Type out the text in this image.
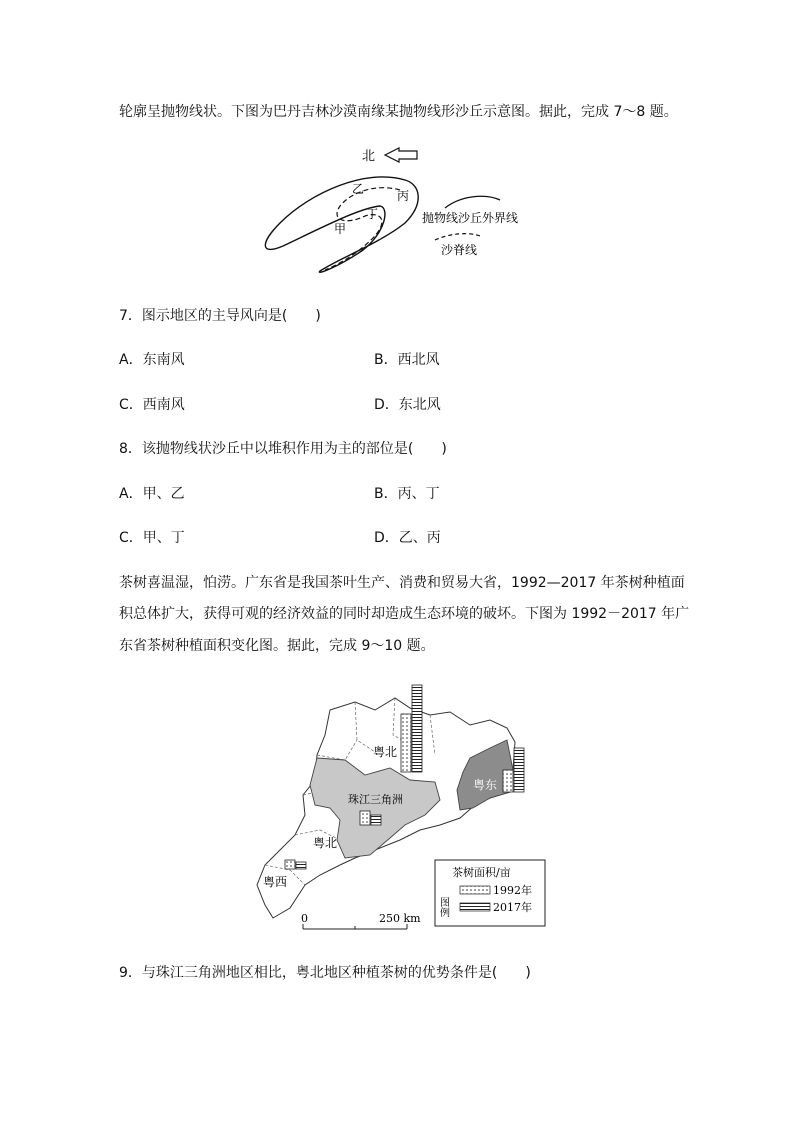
轮廓呈抛物线状。下图为巴丹吉林沙漠南缘某抛物线形沙丘示意图。据此，完成 7～8 题。
北
乙	丙
丁
甲
抛物线沙丘外界线
沙脊线
7．图示地区的主导风向是(　　)
A．东南风	B．西北风
C．西南风	D．东北风
8．该抛物线状沙丘中以堆积作用为主的部位是(　　)
A．甲、乙	B．丙、丁
C．甲、丁	D．乙、丙
茶树喜温湿，怕涝。广东省是我国茶叶生产、消费和贸易大省，1992—2017 年茶树种植面
积总体扩大，获得可观的经济效益的同时却造成生态环境的破坏。下图为 1992－2017 年广
东省茶树种植面积变化图。据此，完成 9～10 题。
粤北
珠江三角洲
粤东
粤北
粤西
0	250 km
茶树面积/亩
图例
1992年
2017年
9．与珠江三角洲地区相比，粤北地区种植茶树的优势条件是(　　)
